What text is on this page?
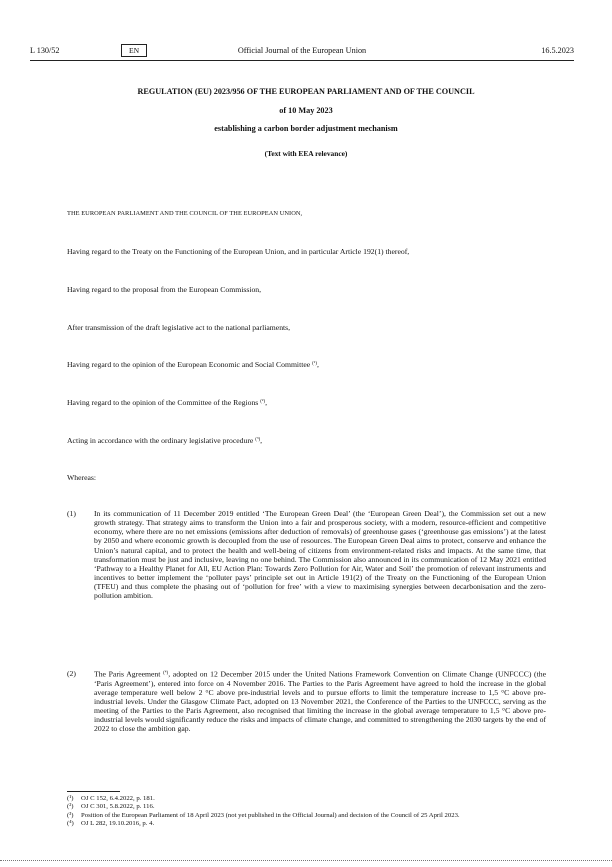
L 130/52	EN	Official Journal of the European Union	16.5.2023
REGULATION (EU) 2023/956 OF THE EUROPEAN PARLIAMENT AND OF THE COUNCIL
of 10 May 2023
establishing a carbon border adjustment mechanism
(Text with EEA relevance)
THE EUROPEAN PARLIAMENT AND THE COUNCIL OF THE EUROPEAN UNION,
Having regard to the Treaty on the Functioning of the European Union, and in particular Article 192(1) thereof,
Having regard to the proposal from the European Commission,
After transmission of the draft legislative act to the national parliaments,
Having regard to the opinion of the European Economic and Social Committee $^{(^1)}$,
Having regard to the opinion of the Committee of the Regions $^{(^2)}$,
Acting in accordance with the ordinary legislative procedure $^{(^3)}$,
Whereas:
(1) In its communication of 11 December 2019 entitled ‘The European Green Deal’ (the ‘European Green Deal’), the Commission set out a new growth strategy. That strategy aims to transform the Union into a fair and prosperous society, with a modern, resource-efficient and competitive economy, where there are no net emissions (emissions after deduction of removals) of greenhouse gases (‘greenhouse gas emissions’) at the latest by 2050 and where economic growth is decoupled from the use of resources. The European Green Deal aims to protect, conserve and enhance the Union’s natural capital, and to protect the health and well-being of citizens from environment-related risks and impacts. At the same time, that transformation must be just and inclusive, leaving no one behind. The Commission also announced in its communication of 12 May 2021 entitled ‘Pathway to a Healthy Planet for All, EU Action Plan: Towards Zero Pollution for Air, Water and Soil’ the promotion of relevant instruments and incentives to better implement the ‘polluter pays’ principle set out in Article 191(2) of the Treaty on the Functioning of the European Union (TFEU) and thus complete the phasing out of ‘pollution for free’ with a view to maximising synergies between decarbonisation and the zero-pollution ambition.
(2) The Paris Agreement $^{(^4)}$, adopted on 12 December 2015 under the United Nations Framework Convention on Climate Change (UNFCCC) (the ‘Paris Agreement’), entered into force on 4 November 2016. The Parties to the Paris Agreement have agreed to hold the increase in the global average temperature well below 2 °C above pre-industrial levels and to pursue efforts to limit the temperature increase to 1,5 °C above pre-industrial levels. Under the Glasgow Climate Pact, adopted on 13 November 2021, the Conference of the Parties to the UNFCCC, serving as the meeting of the Parties to the Paris Agreement, also recognised that limiting the increase in the global average temperature to 1,5 °C above pre-industrial levels would significantly reduce the risks and impacts of climate change, and committed to strengthening the 2030 targets by the end of 2022 to close the ambition gap.
(¹) OJ C 152, 6.4.2022, p. 181.
(²) OJ C 301, 5.8.2022, p. 116.
(³) Position of the European Parliament of 18 April 2023 (not yet published in the Official Journal) and decision of the Council of 25 April 2023.
(⁴) OJ L 282, 19.10.2016, p. 4.
